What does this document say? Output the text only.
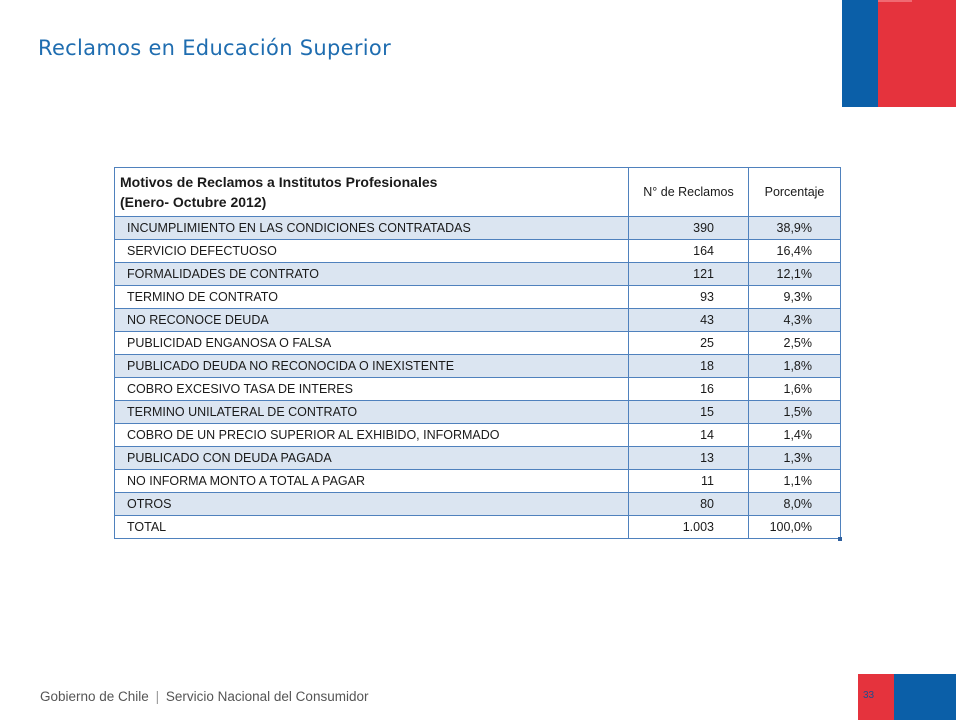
Reclamos en Educación Superior
Motivos de Reclamos a Institutos Profesionales
(Enero- Octubre 2012)	N° de Reclamos	Porcentaje
INCUMPLIMIENTO EN LAS CONDICIONES CONTRATADAS	390	38,9%
SERVICIO DEFECTUOSO	164	16,4%
FORMALIDADES DE CONTRATO	121	12,1%
TERMINO DE CONTRATO	93	9,3%
NO RECONOCE DEUDA	43	4,3%
PUBLICIDAD ENGANOSA O FALSA	25	2,5%
PUBLICADO DEUDA NO RECONOCIDA O INEXISTENTE	18	1,8%
COBRO EXCESIVO TASA DE INTERES	16	1,6%
TERMINO UNILATERAL DE CONTRATO	15	1,5%
COBRO DE UN PRECIO SUPERIOR AL EXHIBIDO, INFORMADO	14	1,4%
PUBLICADO CON DEUDA PAGADA	13	1,3%
NO INFORMA MONTO A TOTAL A PAGAR	11	1,1%
OTROS	80	8,0%
TOTAL	1.003	100,0%
Gobierno de Chile | Servicio Nacional del Consumidor	33
